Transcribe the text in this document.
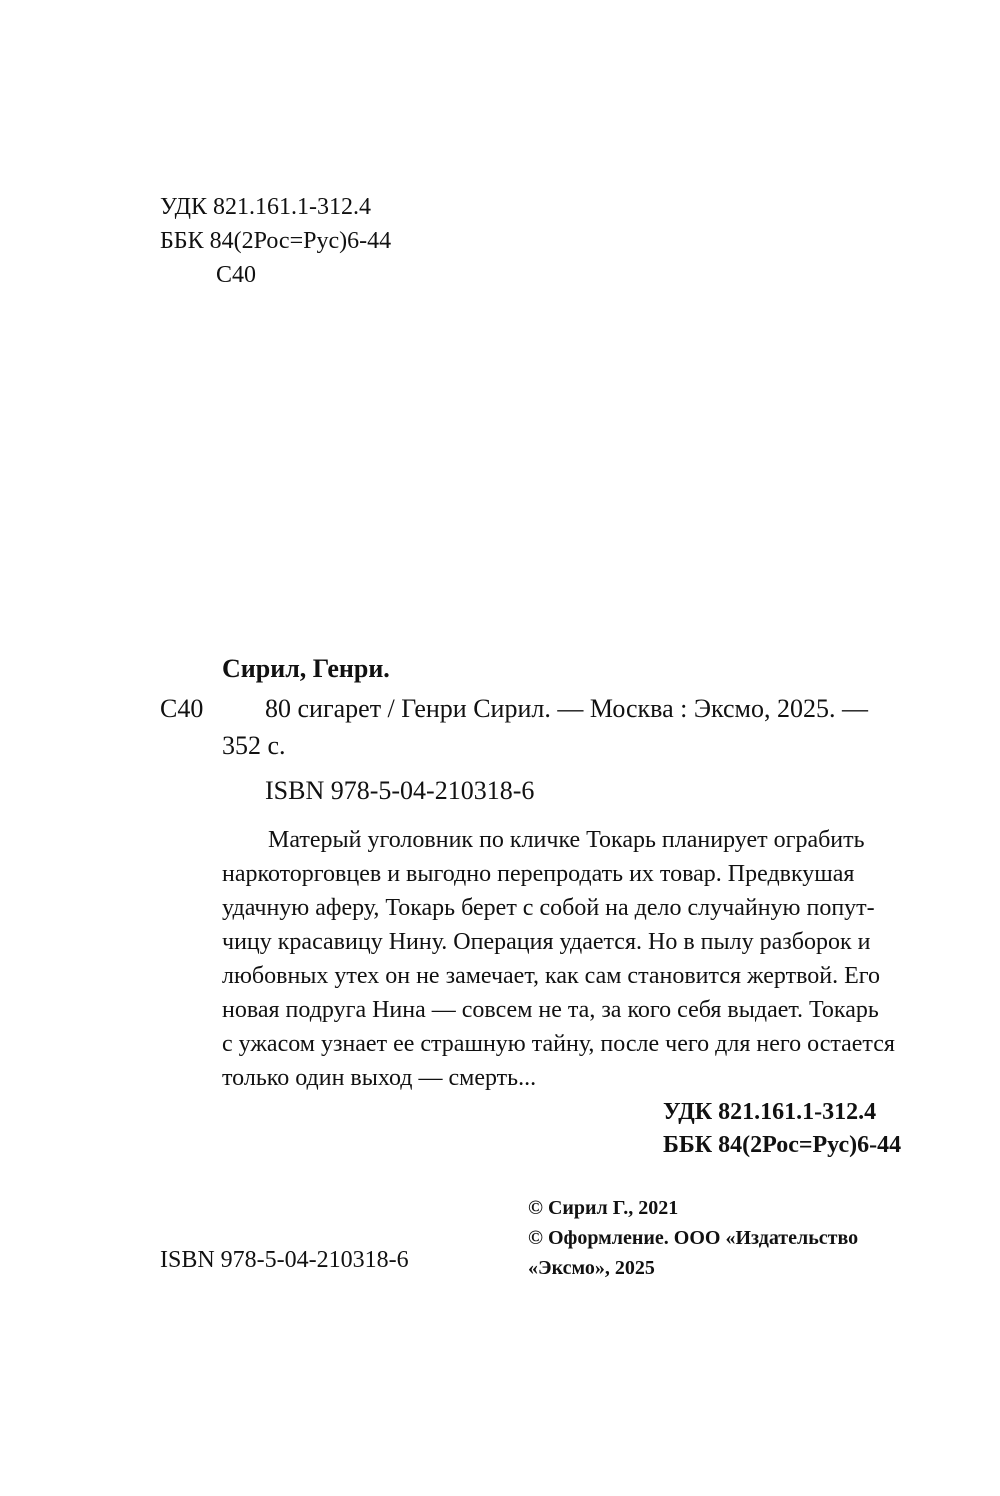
УДК 821.161.1-312.4
ББК 84(2Рос=Рус)6-44
С40
Сирил, Генри.
С40 80 сигарет / Генри Сирил. — Москва : Эксмо, 2025. —
352 с.
ISBN 978-5-04-210318-6
Матерый уголовник по кличке Токарь планирует ограбить
наркоторговцев и выгодно перепродать их товар. Предвкушая
удачную аферу, Токарь берет с собой на дело случайную попут-
чицу красавицу Нину. Операция удается. Но в пылу разборок и
любовных утех он не замечает, как сам становится жертвой. Его
новая подруга Нина — совсем не та, за кого себя выдает. Токарь
с ужасом узнает ее страшную тайну, после чего для него остается
только один выход — смерть...
УДК 821.161.1-312.4
ББК 84(2Рос=Рус)6-44
ISBN 978-5-04-210318-6
© Сирил Г., 2021
© Оформление. ООО «Издательство
«Эксмо», 2025
